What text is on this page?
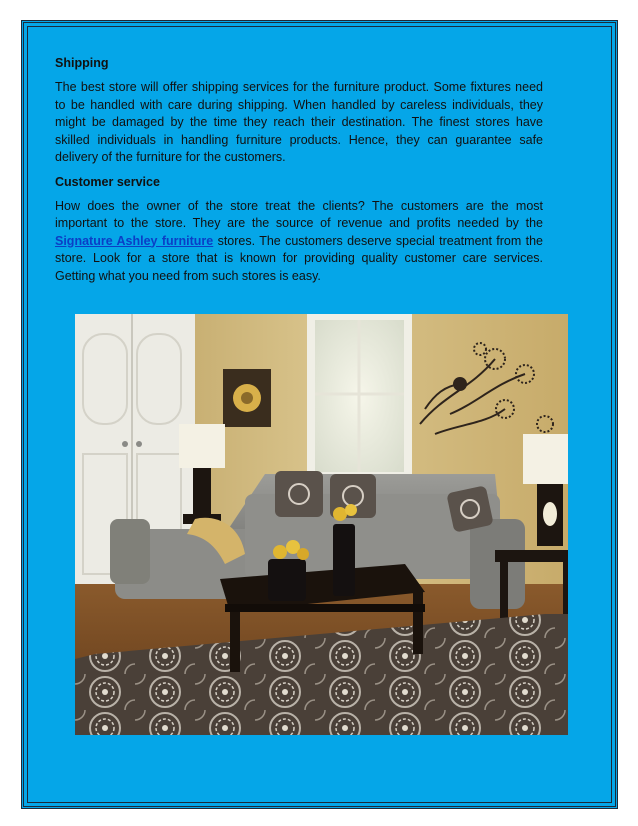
Shipping

The best store will offer shipping services for the furniture product. Some fixtures need to be handled with care during shipping. When handled by careless individuals, they might be damaged by the time they reach their destination. The finest stores have skilled individuals in handling furniture products. Hence, they can guarantee safe delivery of the furniture for the customers.

Customer service

How does the owner of the store treat the clients? The customers are the most important to the store. They are the source of revenue and profits needed by the Signature Ashley furniture stores. The customers deserve special treatment from the store. Look for a store that is known for providing quality customer care services. Getting what you need from such stores is easy.
